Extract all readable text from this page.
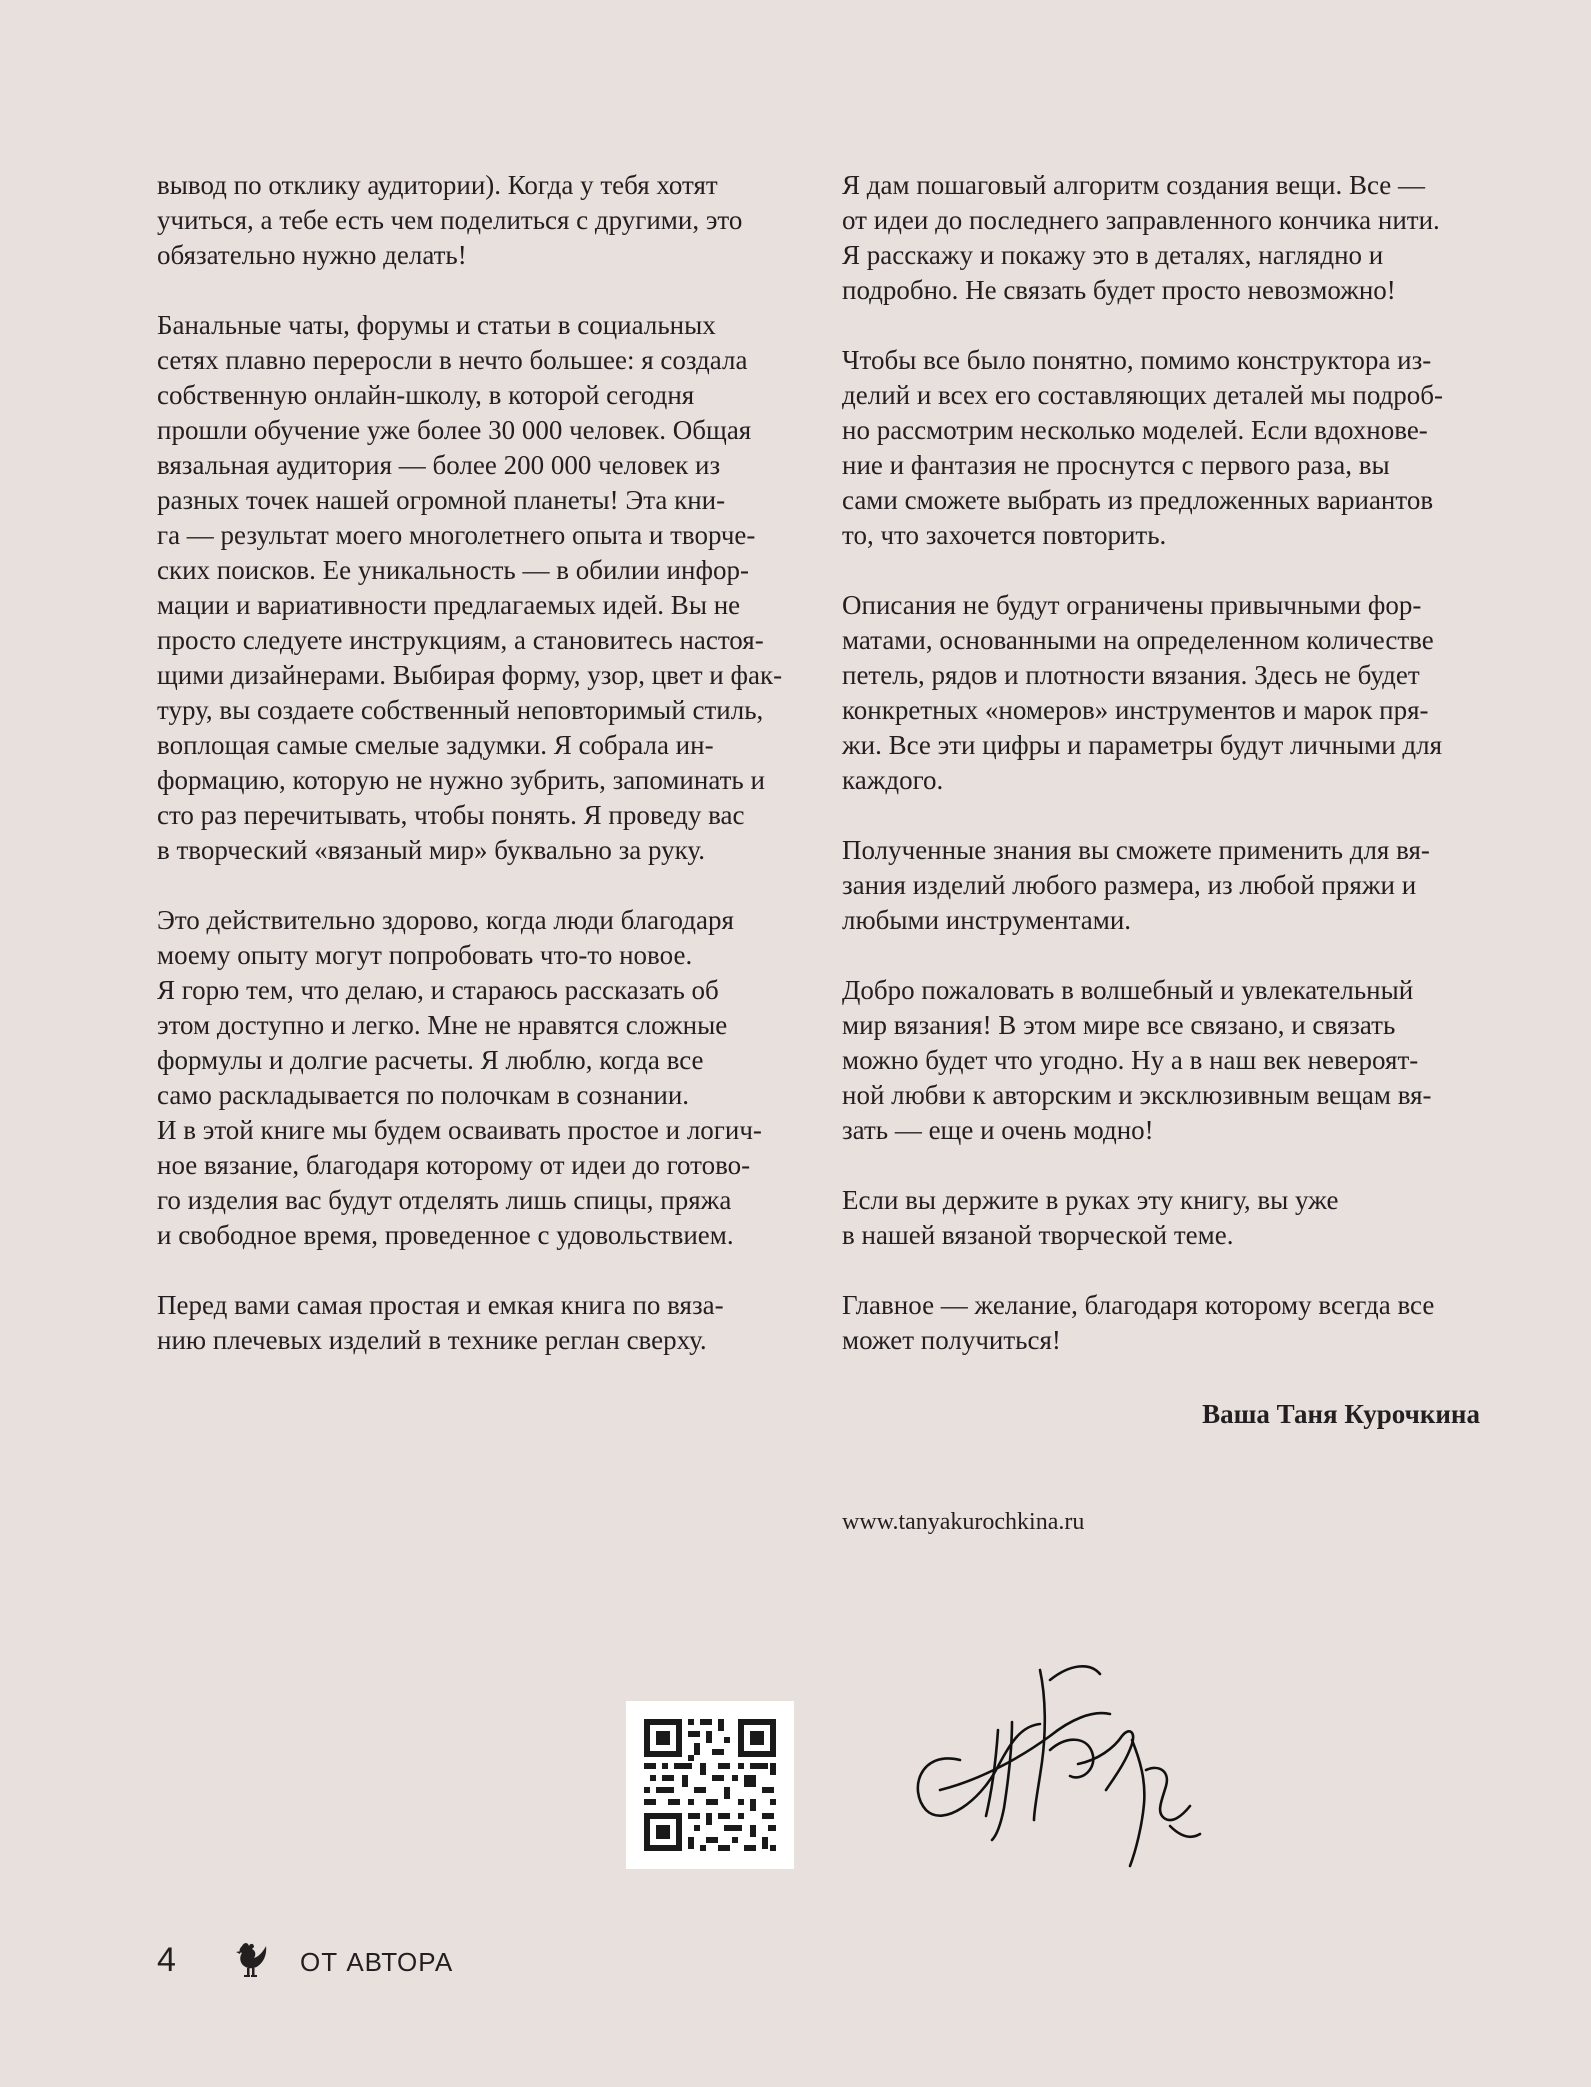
вывод по отклику аудитории). Когда у тебя хотят
учиться, а тебе есть чем поделиться с другими, это
обязательно нужно делать!

Банальные чаты, форумы и статьи в социальных
сетях плавно переросли в нечто большее: я создала
собственную онлайн-школу, в которой сегодня
прошли обучение уже более 30 000 человек. Общая
вязальная аудитория — более 200 000 человек из
разных точек нашей огромной планеты! Эта кни-
га — результат моего многолетнего опыта и творче-
ских поисков. Ее уникальность — в обилии инфор-
мации и вариативности предлагаемых идей. Вы не
просто следуете инструкциям, а становитесь настоя-
щими дизайнерами. Выбирая форму, узор, цвет и фак-
туру, вы создаете собственный неповторимый стиль,
воплощая самые смелые задумки. Я собрала ин-
формацию, которую не нужно зубрить, запоминать и
сто раз перечитывать, чтобы понять. Я проведу вас
в творческий «вязаный мир» буквально за руку.

Это действительно здорово, когда люди благодаря
моему опыту могут попробовать что-то новое.
Я горю тем, что делаю, и стараюсь рассказать об
этом доступно и легко. Мне не нравятся сложные
формулы и долгие расчеты. Я люблю, когда все
само раскладывается по полочкам в сознании.
И в этой книге мы будем осваивать простое и логич-
ное вязание, благодаря которому от идеи до готово-
го изделия вас будут отделять лишь спицы, пряжа
и свободное время, проведенное с удовольствием.

Перед вами самая простая и емкая книга по вяза-
нию плечевых изделий в технике реглан сверху.

Я дам пошаговый алгоритм создания вещи. Все —
от идеи до последнего заправленного кончика нити.
Я расскажу и покажу это в деталях, наглядно и
подробно. Не связать будет просто невозможно!

Чтобы все было понятно, помимо конструктора из-
делий и всех его составляющих деталей мы подроб-
но рассмотрим несколько моделей. Если вдохнове-
ние и фантазия не проснутся с первого раза, вы
сами сможете выбрать из предложенных вариантов
то, что захочется повторить.

Описания не будут ограничены привычными фор-
матами, основанными на определенном количестве
петель, рядов и плотности вязания. Здесь не будет
конкретных «номеров» инструментов и марок пря-
жи. Все эти цифры и параметры будут личными для
каждого.

Полученные знания вы сможете применить для вя-
зания изделий любого размера, из любой пряжи и
любыми инструментами.

Добро пожаловать в волшебный и увлекательный
мир вязания! В этом мире все связано, и связать
можно будет что угодно. Ну а в наш век невероят-
ной любви к авторским и эксклюзивным вещам вя-
зать — еще и очень модно!

Если вы держите в руках эту книгу, вы уже
в нашей вязаной творческой теме.

Главное — желание, благодаря которому всегда все
может получиться!

Ваша Таня Курочкина
www.tanyakurochkina.ru
4	ОТ АВТОРА
